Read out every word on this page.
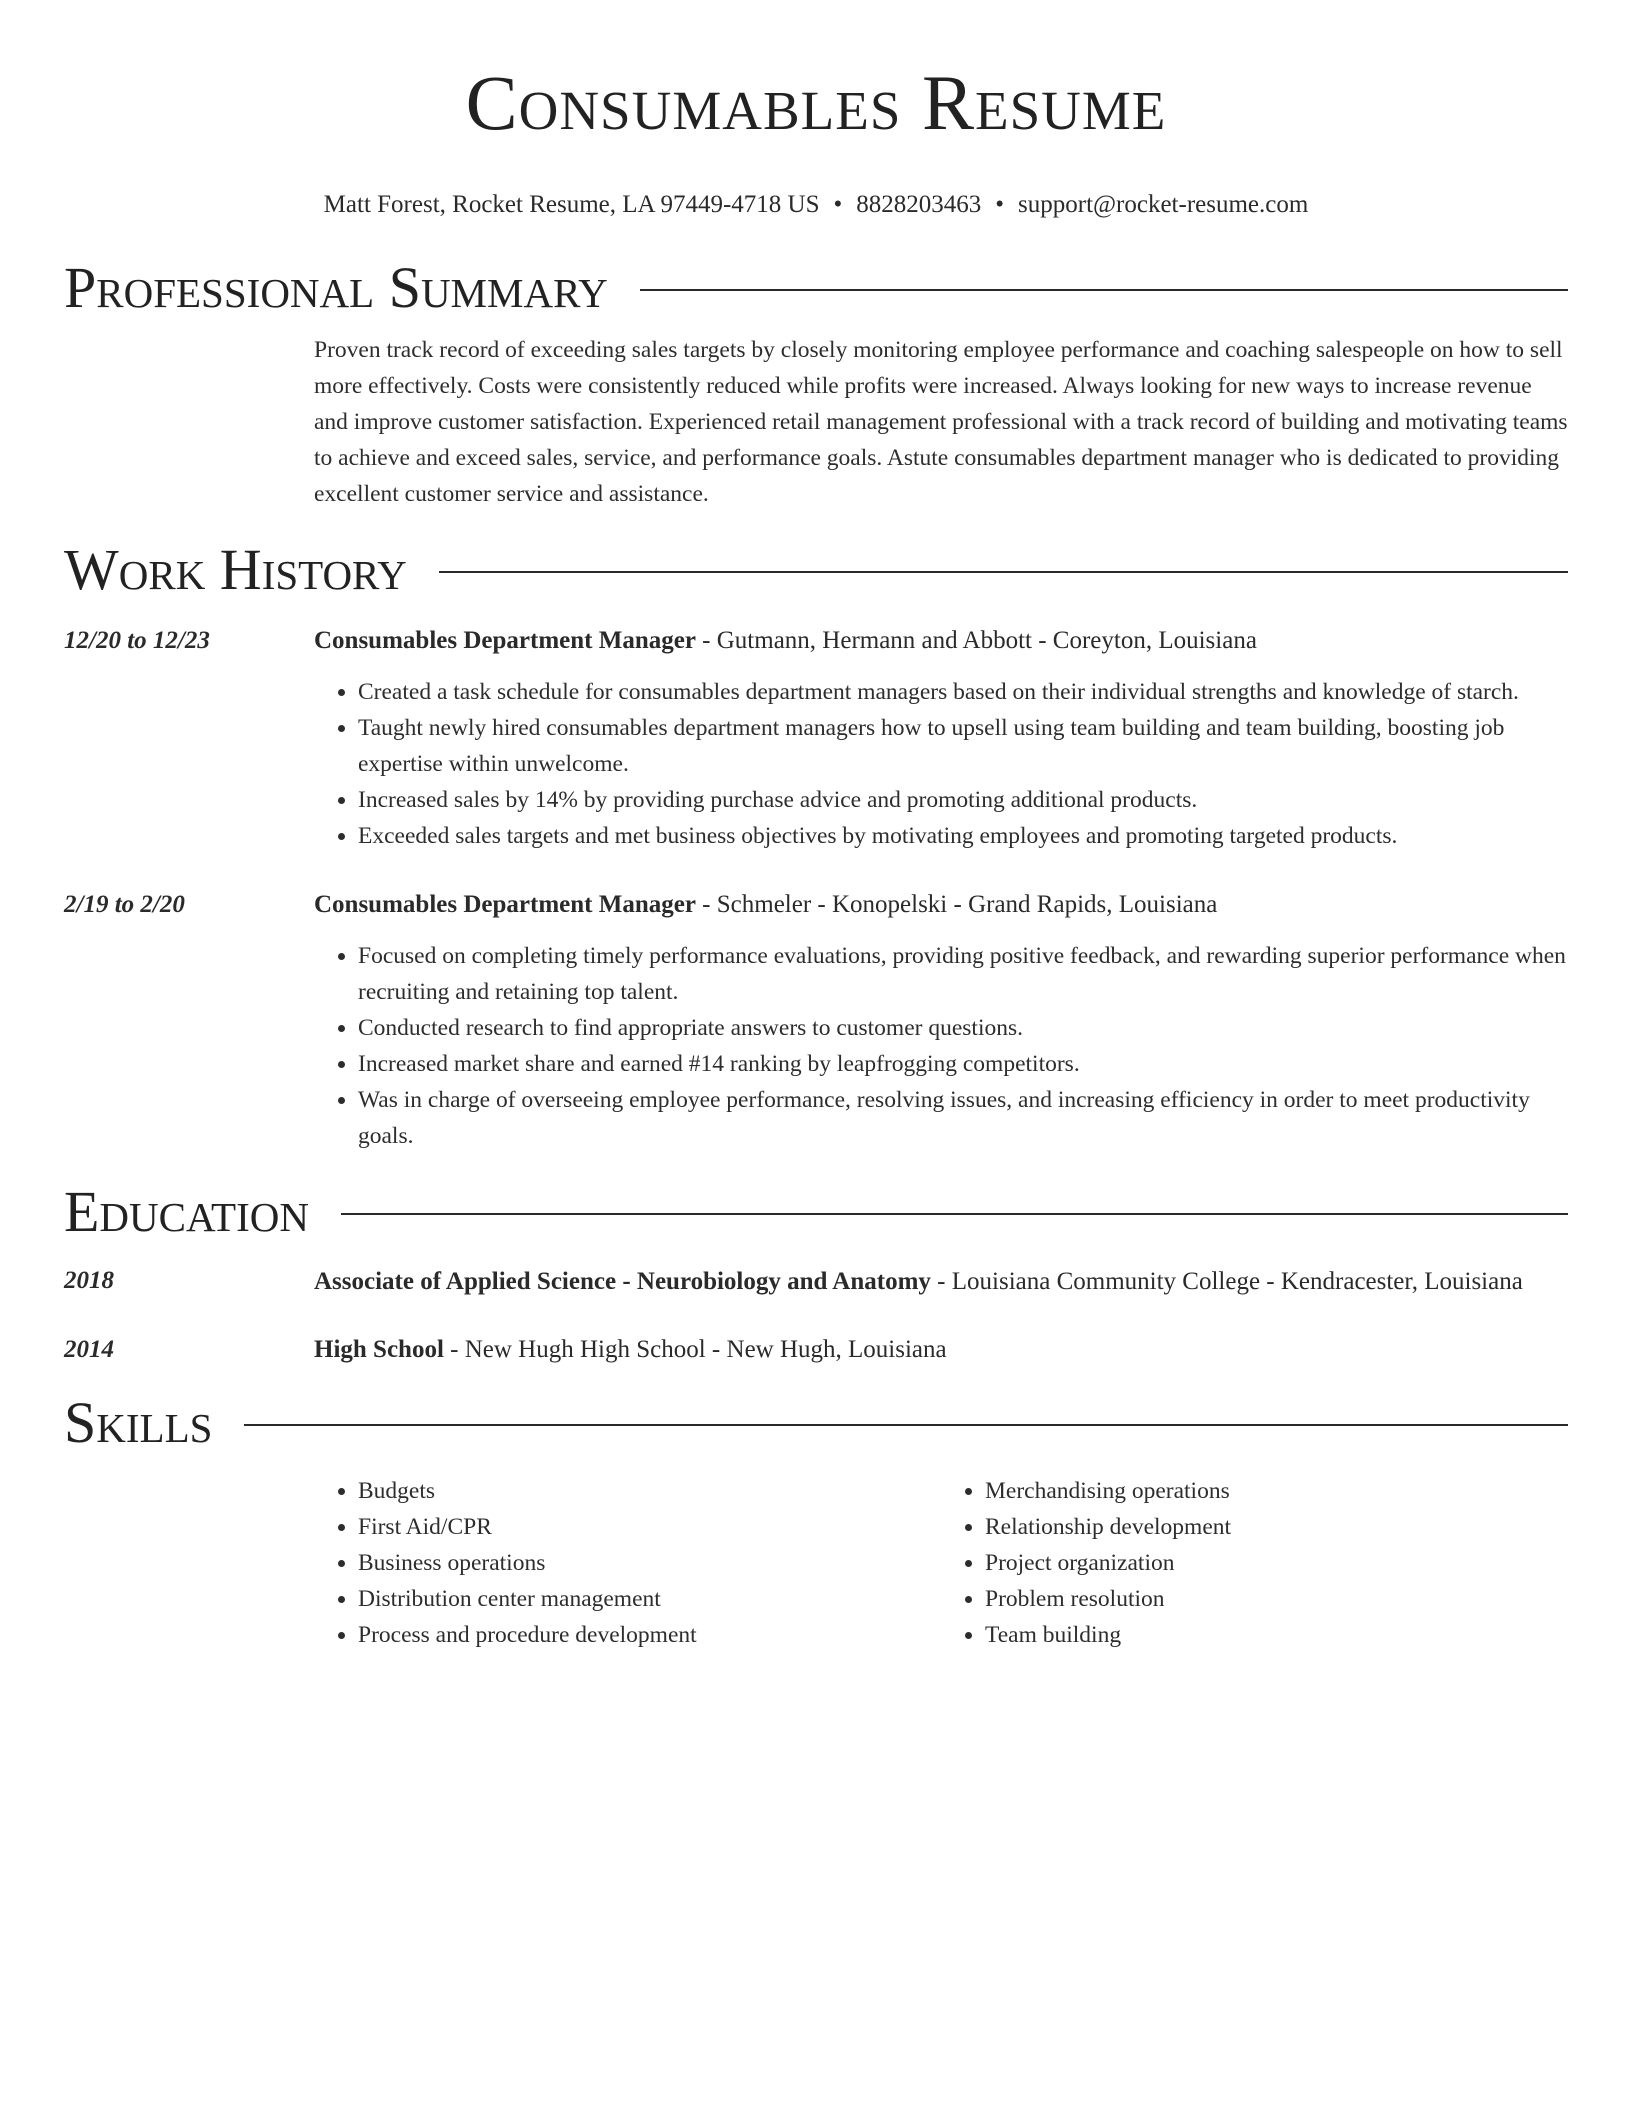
Consumables Resume
Matt Forest, Rocket Resume, LA 97449-4718 US • 8828203463 • support@rocket-resume.com
Professional Summary
Proven track record of exceeding sales targets by closely monitoring employee performance and coaching salespeople on how to sell more effectively. Costs were consistently reduced while profits were increased. Always looking for new ways to increase revenue and improve customer satisfaction. Experienced retail management professional with a track record of building and motivating teams to achieve and exceed sales, service, and performance goals. Astute consumables department manager who is dedicated to providing excellent customer service and assistance.
Work History
12/20 to 12/23	Consumables Department Manager - Gutmann, Hermann and Abbott - Coreyton, Louisiana
• Created a task schedule for consumables department managers based on their individual strengths and knowledge of starch.
• Taught newly hired consumables department managers how to upsell using team building and team building, boosting job expertise within unwelcome.
• Increased sales by 14% by providing purchase advice and promoting additional products.
• Exceeded sales targets and met business objectives by motivating employees and promoting targeted products.
2/19 to 2/20	Consumables Department Manager - Schmeler - Konopelski - Grand Rapids, Louisiana
• Focused on completing timely performance evaluations, providing positive feedback, and rewarding superior performance when recruiting and retaining top talent.
• Conducted research to find appropriate answers to customer questions.
• Increased market share and earned #14 ranking by leapfrogging competitors.
• Was in charge of overseeing employee performance, resolving issues, and increasing efficiency in order to meet productivity goals.
Education
2018	Associate of Applied Science - Neurobiology and Anatomy - Louisiana Community College - Kendracester, Louisiana
2014	High School - New Hugh High School - New Hugh, Louisiana
Skills
• Budgets
• First Aid/CPR
• Business operations
• Distribution center management
• Process and procedure development
• Merchandising operations
• Relationship development
• Project organization
• Problem resolution
• Team building
